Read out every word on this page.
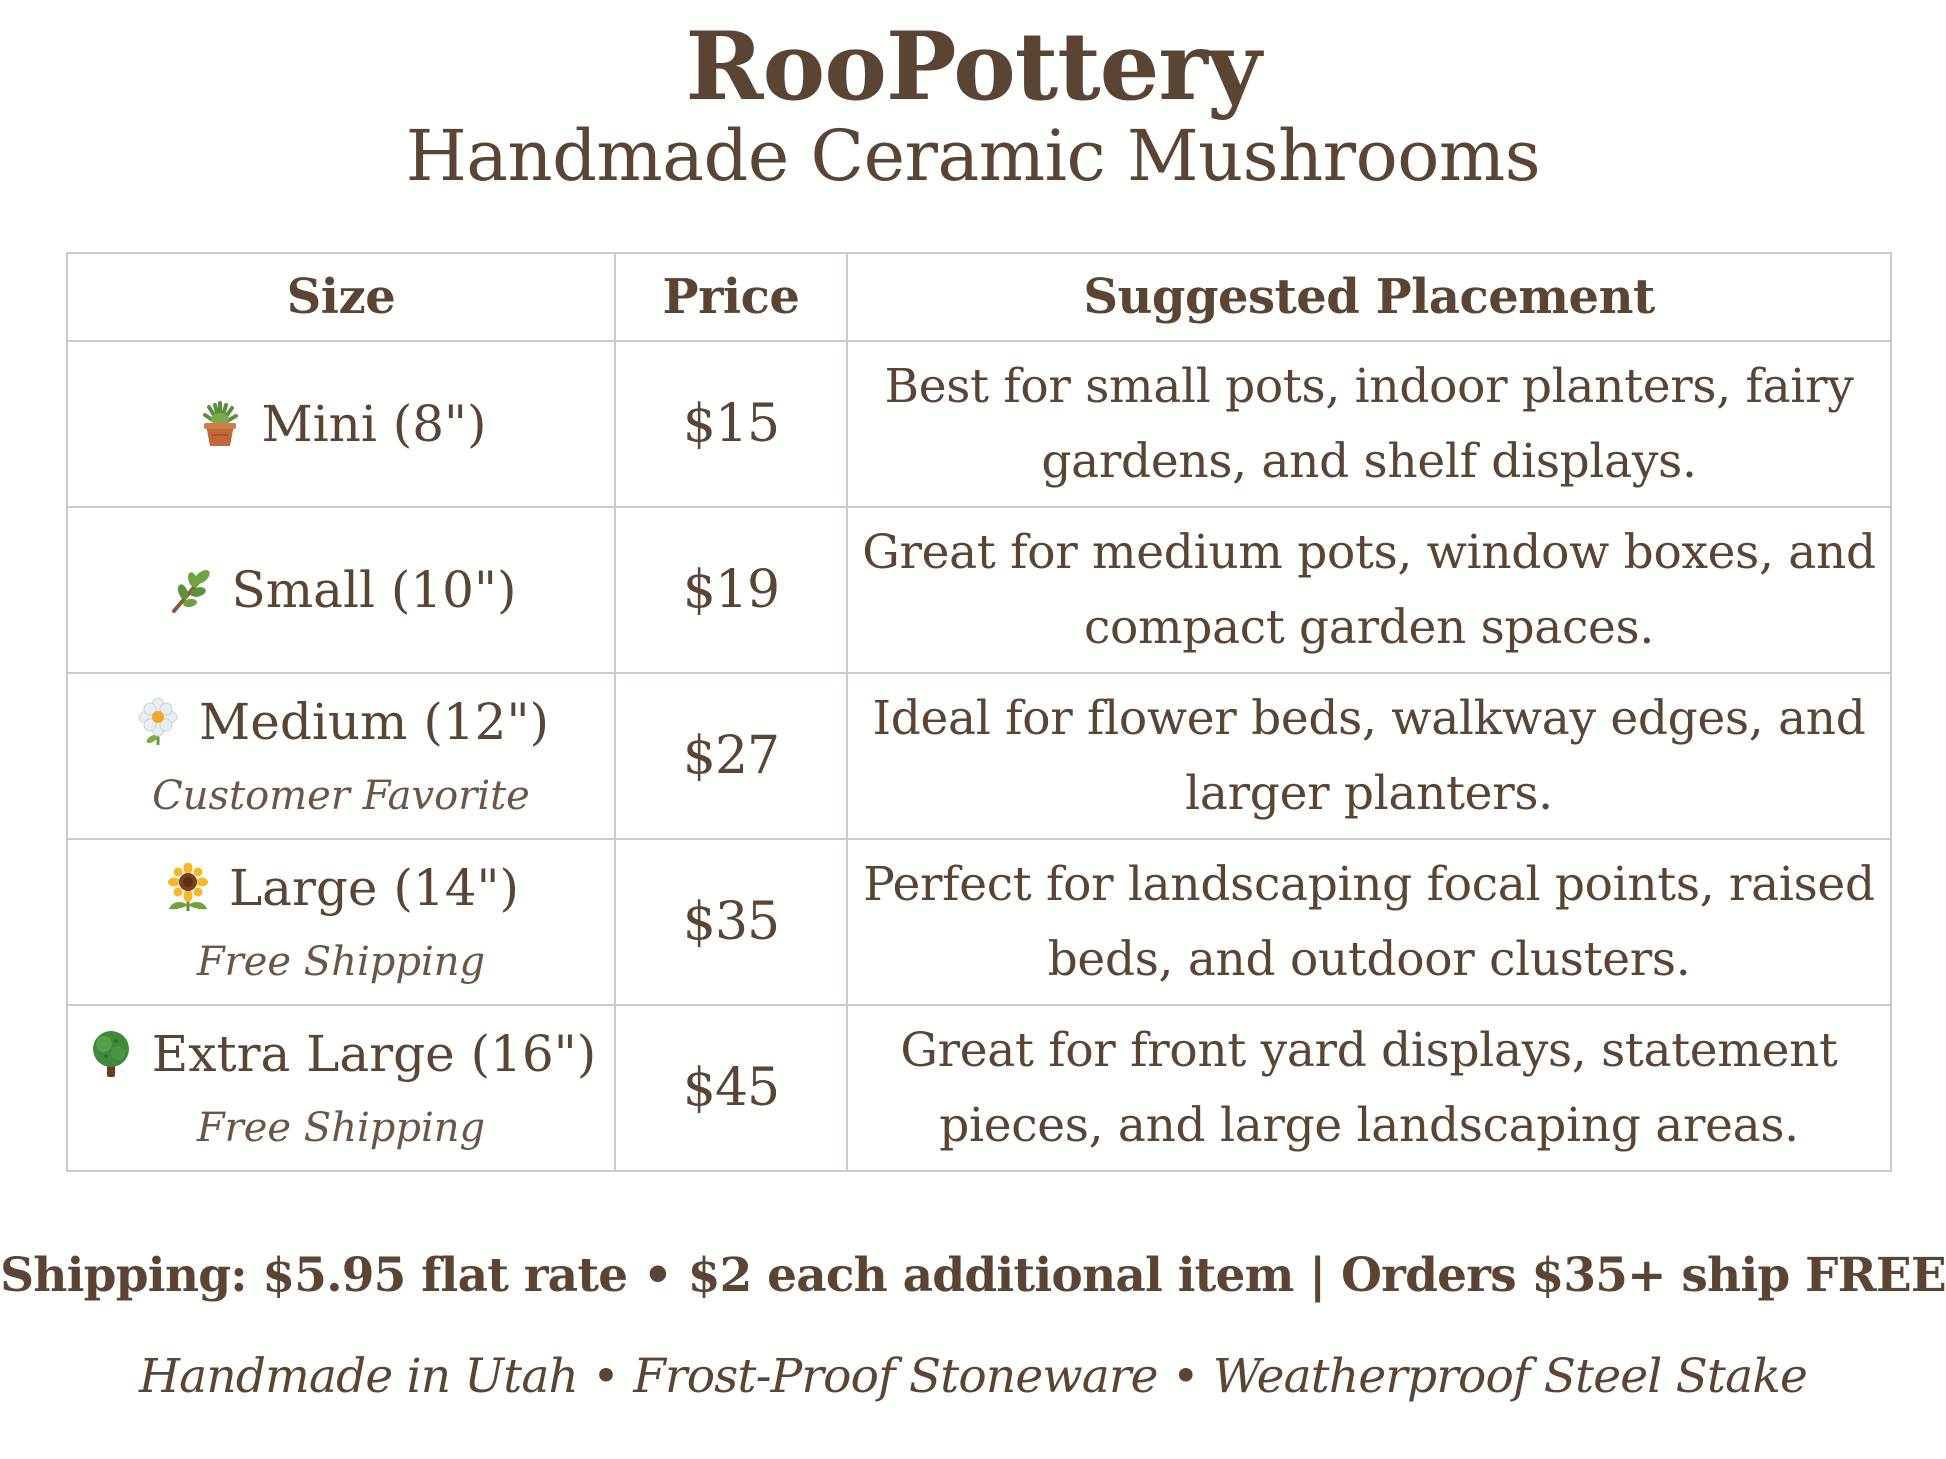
RooPottery
Handmade Ceramic Mushrooms
Size	Price	Suggested Placement

Mini (8")	$15	Best for small pots, indoor planters, fairy gardens, and shelf displays.

Small (10")	$19	Great for medium pots, window boxes, and compact garden spaces.

Medium (12")
Customer Favorite	$27	Ideal for flower beds, walkway edges, and larger planters.

Large (14")
Free Shipping	$35	Perfect for landscaping focal points, raised beds, and outdoor clusters.

Extra Large (16")
Free Shipping	$45	Great for front yard displays, statement pieces, and large landscaping areas.
Shipping: $5.95 flat rate • $2 each additional item | Orders $35+ ship FREE
Handmade in Utah • Frost-Proof Stoneware • Weatherproof Steel Stake
